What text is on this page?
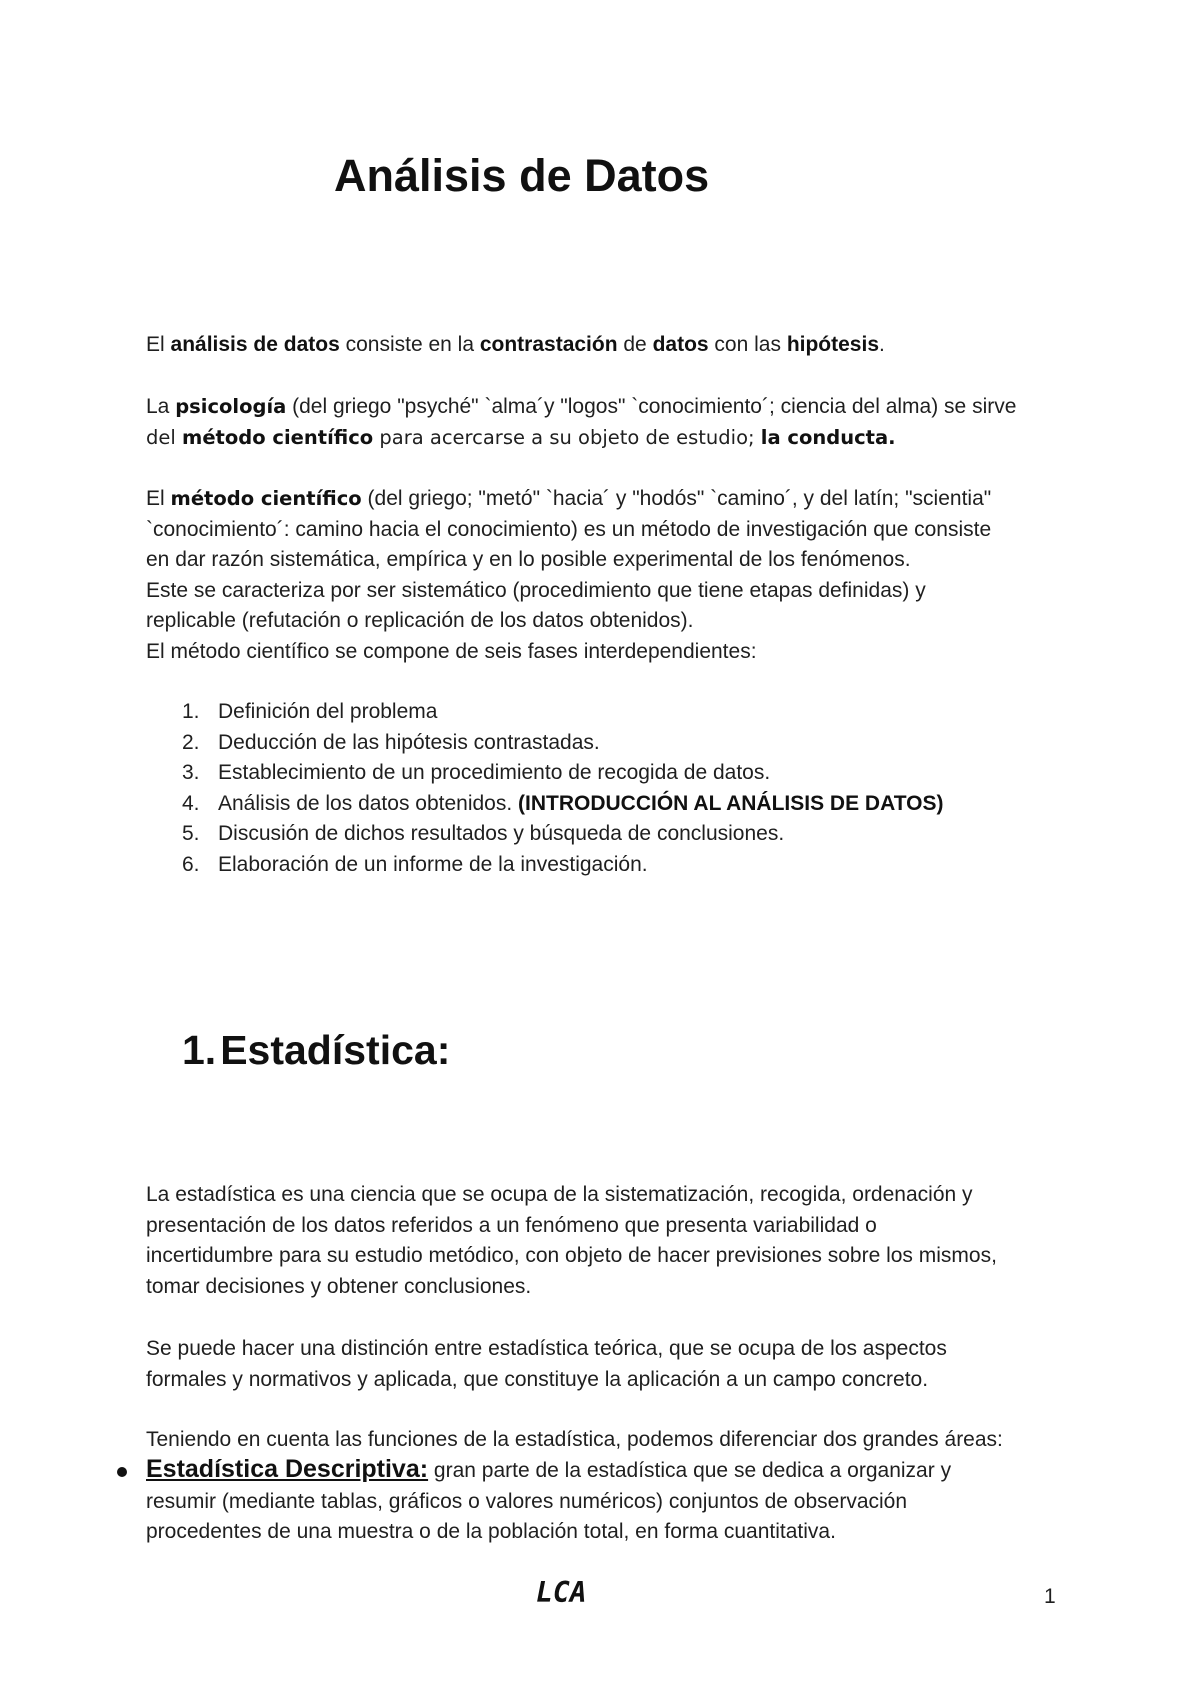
Análisis de Datos

El análisis de datos consiste en la contrastación de datos con las hipótesis.

La psicología (del griego "psyché" `alma´y "logos" `conocimiento´; ciencia del alma) se sirve
del método científico para acercarse a su objeto de estudio; la conducta.

El método científico (del griego; "metó" `hacia´ y "hodós" `camino´, y del latín; "scientia"
`conocimiento´: camino hacia el conocimiento) es un método de investigación que consiste
en dar razón sistemática, empírica y en lo posible experimental de los fenómenos.
Este se caracteriza por ser sistemático (procedimiento que tiene etapas definidas) y
replicable (refutación o replicación de los datos obtenidos).
El método científico se compone de seis fases interdependientes:

1. Definición del problema
2. Deducción de las hipótesis contrastadas.
3. Establecimiento de un procedimiento de recogida de datos.
4. Análisis de los datos obtenidos. (INTRODUCCIÓN AL ANÁLISIS DE DATOS)
5. Discusión de dichos resultados y búsqueda de conclusiones.
6. Elaboración de un informe de la investigación.
1.Estadística:

La estadística es una ciencia que se ocupa de la sistematización, recogida, ordenación y
presentación de los datos referidos a un fenómeno que presenta variabilidad o
incertidumbre para su estudio metódico, con objeto de hacer previsiones sobre los mismos,
tomar decisiones y obtener conclusiones.

Se puede hacer una distinción entre estadística teórica, que se ocupa de los aspectos
formales y normativos y aplicada, que constituye la aplicación a un campo concreto.

Teniendo en cuenta las funciones de la estadística, podemos diferenciar dos grandes áreas:

Estadística Descriptiva: gran parte de la estadística que se dedica a organizar y
resumir (mediante tablas, gráficos o valores numéricos) conjuntos de observación
procedentes de una muestra o de la población total, en forma cuantitativa.

LCA	1
